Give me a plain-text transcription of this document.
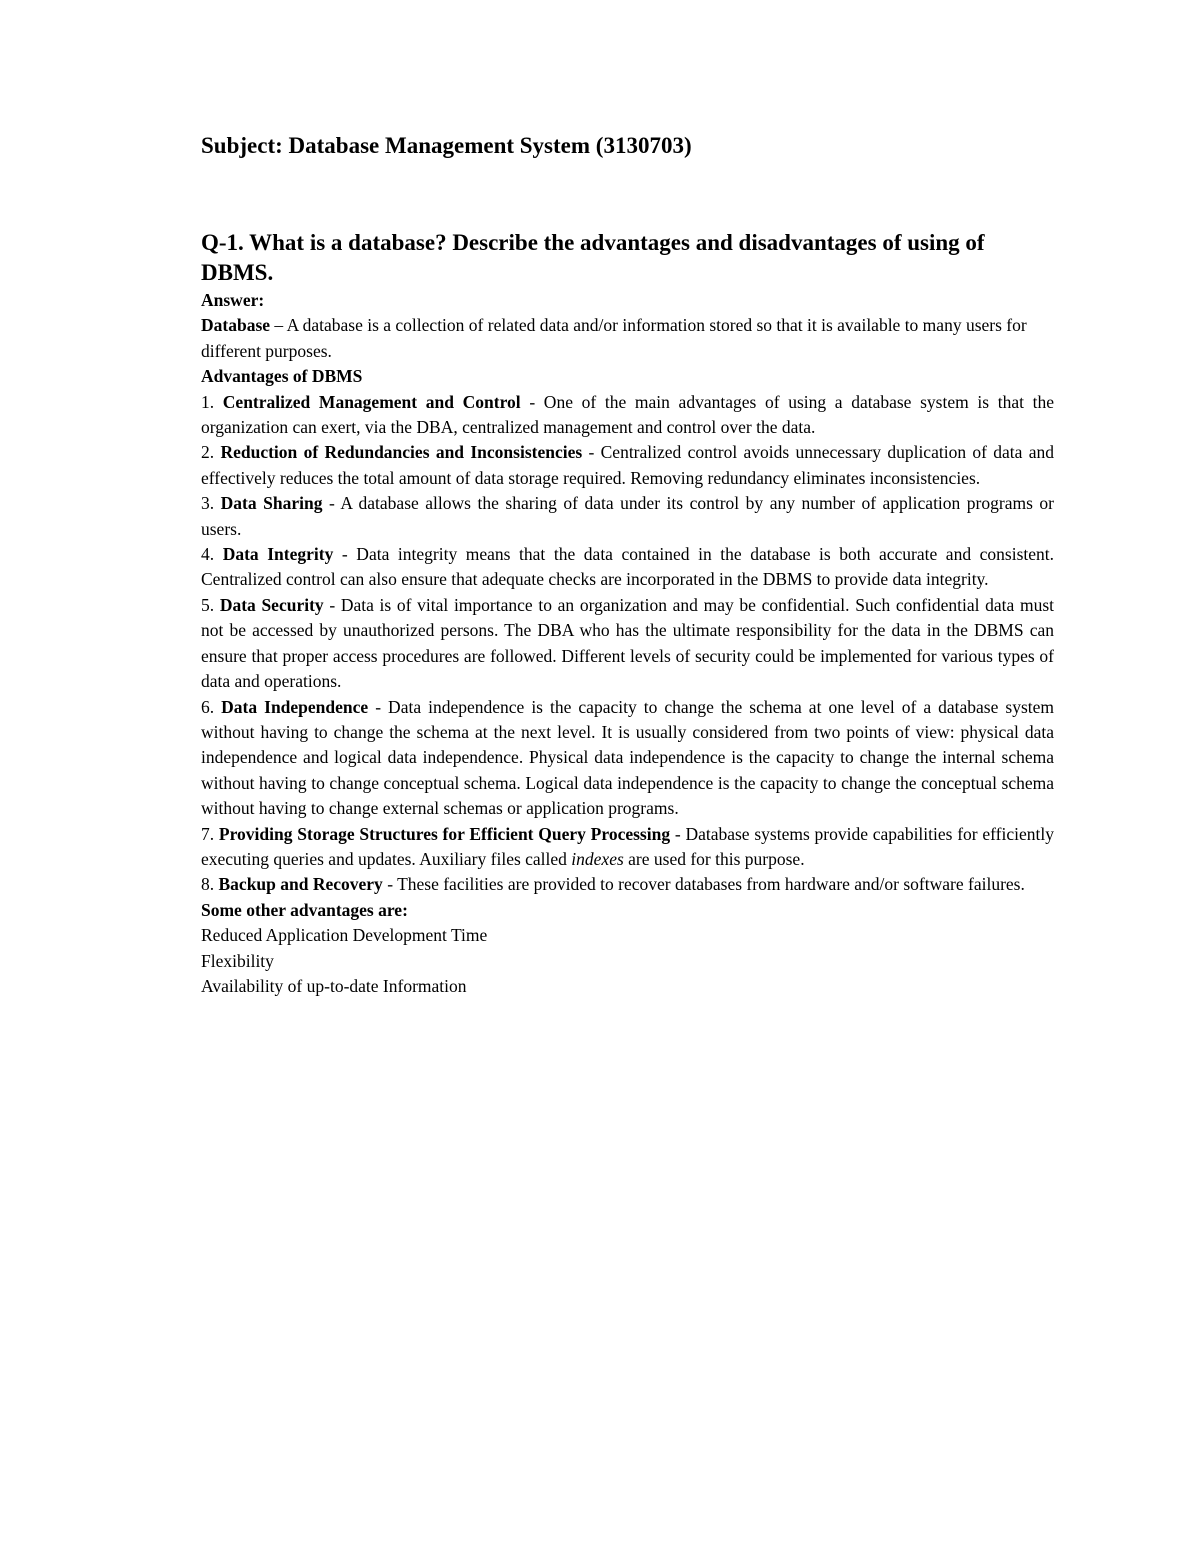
Subject: Database Management System (3130703)
Q-1. What is a database? Describe the advantages and disadvantages of using of DBMS.

Answer:

Database – A database is a collection of related data and/or information stored so that it is available to many users for different purposes.

Advantages of DBMS

1. Centralized Management and Control - One of the main advantages of using a database system is that the organization can exert, via the DBA, centralized management and control over the data.

2. Reduction of Redundancies and Inconsistencies - Centralized control avoids unnecessary duplication of data and effectively reduces the total amount of data storage required. Removing redundancy eliminates inconsistencies.

3. Data Sharing - A database allows the sharing of data under its control by any number of application programs or users.

4. Data Integrity - Data integrity means that the data contained in the database is both accurate and consistent. Centralized control can also ensure that adequate checks are incorporated in the DBMS to provide data integrity.

5. Data Security - Data is of vital importance to an organization and may be confidential. Such confidential data must not be accessed by unauthorized persons. The DBA who has the ultimate responsibility for the data in the DBMS can ensure that proper access procedures are followed. Different levels of security could be implemented for various types of data and operations.

6. Data Independence - Data independence is the capacity to change the schema at one level of a database system without having to change the schema at the next level. It is usually considered from two points of view: physical data independence and logical data independence. Physical data independence is the capacity to change the internal schema without having to change conceptual schema. Logical data independence is the capacity to change the conceptual schema without having to change external schemas or application programs.

7. Providing Storage Structures for Efficient Query Processing - Database systems provide capabilities for efficiently executing queries and updates. Auxiliary files called indexes are used for this purpose.

8. Backup and Recovery - These facilities are provided to recover databases from hardware and/or software failures.

Some other advantages are:

Reduced Application Development Time
Flexibility
Availability of up-to-date Information
